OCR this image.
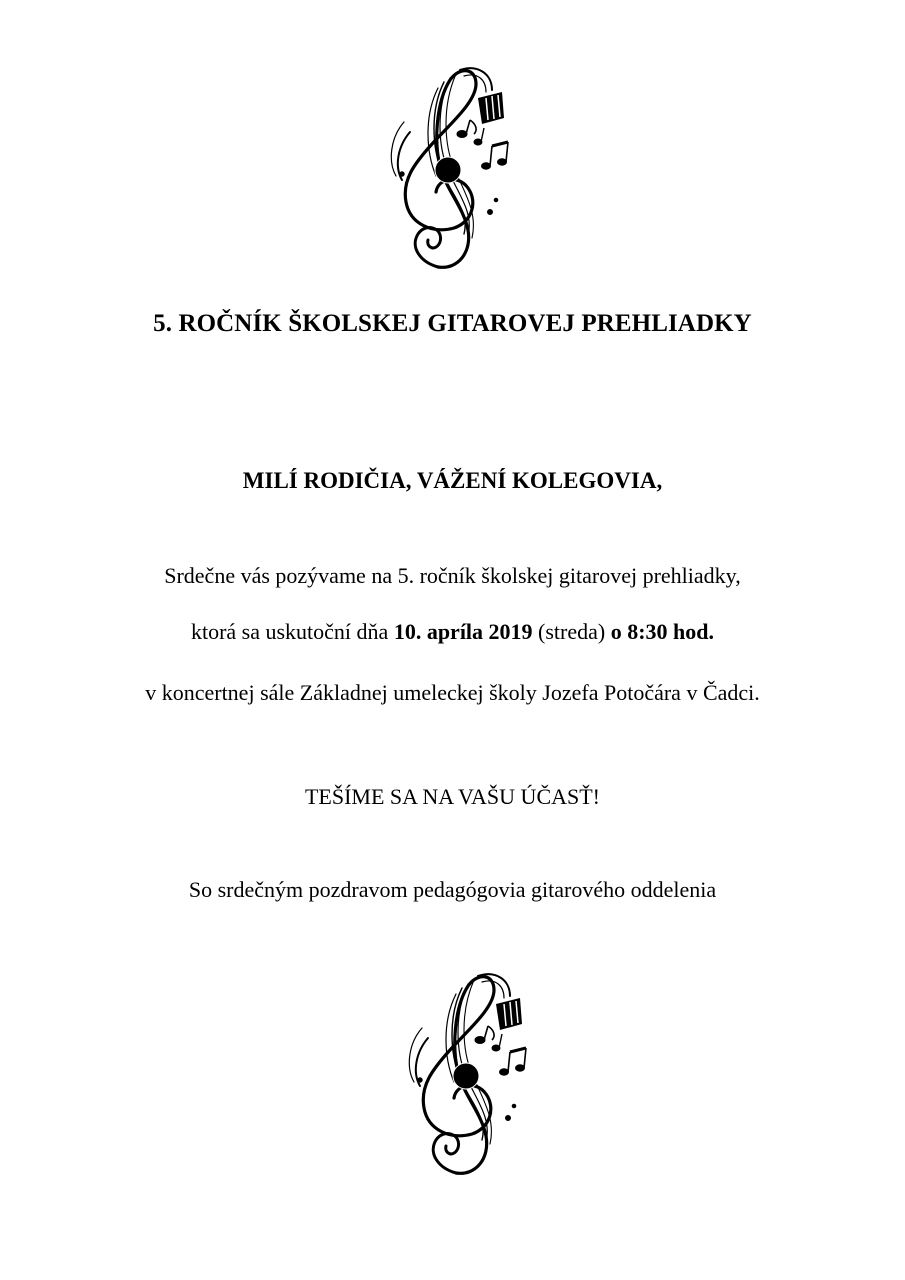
5. ROČNÍK ŠKOLSKEJ GITAROVEJ PREHLIADKY
MILÍ RODIČIA, VÁŽENÍ KOLEGOVIA,
Srdečne vás pozývame na 5. ročník školskej gitarovej prehliadky,
ktorá sa uskutoční dňa 10. apríla 2019 (streda) o 8:30 hod.
v koncertnej sále Základnej umeleckej školy Jozefa Potočára v Čadci.
TEŠÍME SA NA VAŠU ÚČASŤ!
So srdečným pozdravom pedagógovia gitarového oddelenia
